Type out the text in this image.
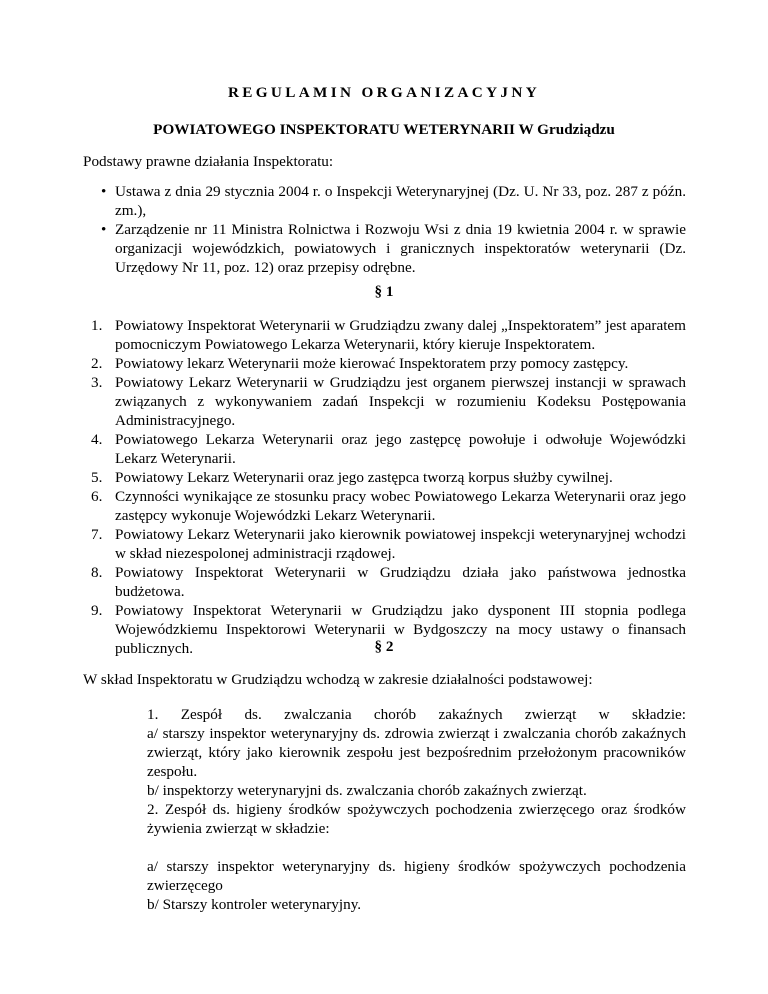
REGULAMIN ORGANIZACYJNY

POWIATOWEGO INSPEKTORATU WETERYNARII W Grudziądzu

Podstawy prawne działania Inspektoratu:

• Ustawa z dnia 29 stycznia 2004 r. o Inspekcji Weterynaryjnej (Dz. U. Nr 33, poz. 287 z późn. zm.),
• Zarządzenie nr 11 Ministra Rolnictwa i Rozwoju Wsi z dnia 19 kwietnia 2004 r. w sprawie organizacji wojewódzkich, powiatowych i granicznych inspektoratów weterynarii (Dz. Urzędowy Nr 11, poz. 12) oraz przepisy odrębne.

§ 1

1. Powiatowy Inspektorat Weterynarii w Grudziądzu zwany dalej „Inspektoratem” jest aparatem pomocniczym Powiatowego Lekarza Weterynarii, który kieruje Inspektoratem.
2. Powiatowy lekarz Weterynarii może kierować Inspektoratem przy pomocy zastępcy.
3. Powiatowy Lekarz Weterynarii w Grudziądzu jest organem pierwszej instancji w sprawach związanych z wykonywaniem zadań Inspekcji w rozumieniu Kodeksu Postępowania Administracyjnego.
4. Powiatowego Lekarza Weterynarii oraz jego zastępcę powołuje i odwołuje Wojewódzki Lekarz Weterynarii.
5. Powiatowy Lekarz Weterynarii oraz jego zastępca tworzą korpus służby cywilnej.
6. Czynności wynikające ze stosunku pracy wobec Powiatowego Lekarza Weterynarii oraz jego zastępcy wykonuje Wojewódzki Lekarz Weterynarii.
7. Powiatowy Lekarz Weterynarii jako kierownik powiatowej inspekcji weterynaryjnej wchodzi w skład niezespolonej administracji rządowej.
8. Powiatowy Inspektorat Weterynarii w Grudziądzu działa jako państwowa jednostka budżetowa.
9. Powiatowy Inspektorat Weterynarii w Grudziądzu jako dysponent III stopnia podlega Wojewódzkiemu Inspektorowi Weterynarii w Bydgoszczy na mocy ustawy o finansach publicznych.	§ 2

W skład Inspektoratu w Grudziądzu wchodzą w zakresie działalności podstawowej:

1. Zespół ds. zwalczania chorób zakaźnych zwierząt w składzie:
a/ starszy inspektor weterynaryjny ds. zdrowia zwierząt i zwalczania chorób zakaźnych zwierząt, który jako kierownik zespołu jest bezpośrednim przełożonym pracowników zespołu.
b/ inspektorzy weterynaryjni ds. zwalczania chorób zakaźnych zwierząt.
2. Zespół ds. higieny środków spożywczych pochodzenia zwierzęcego oraz środków żywienia zwierząt w składzie:
a/ starszy inspektor weterynaryjny ds. higieny środków spożywczych pochodzenia zwierzęcego
b/ Starszy kontroler weterynaryjny.
